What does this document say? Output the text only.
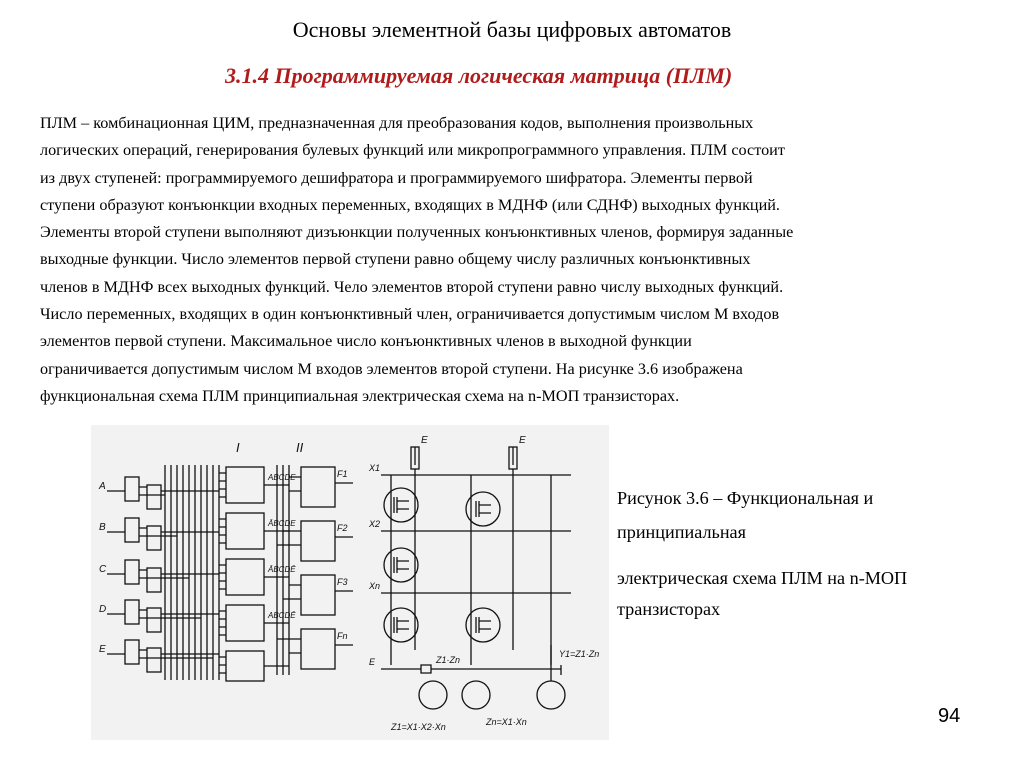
Основы элементной базы цифровых автоматов
3.1.4 Программируемая логическая матрица (ПЛМ)

ПЛМ – комбинационная ЦИМ, предназначенная для преобразования кодов, выполнения произвольных
логических операций, генерирования булевых функций или микропрограммного управления. ПЛМ состоит
из двух ступеней: программируемого дешифратора и программируемого шифратора. Элементы первой
ступени образуют конъюнкции входных переменных, входящих в МДНФ (или СДНФ) выходных функций.
Элементы второй ступени выполняют дизъюнкции полученных конъюнктивных членов, формируя заданные
выходные функции. Число элементов первой ступени равно общему числу различных конъюнктивных
членов в МДНФ всех выходных функций. Чело элементов второй ступени равно числу выходных функций.
Число переменных, входящих в один конъюнктивный член, ограничивается допустимым числом М входов
элементов первой ступени. Максимальное число конъюнктивных членов в выходной функции
ограничивается допустимым числом М входов элементов второй ступени. На рисунке 3.6 изображена
функциональная схема ПЛМ принципиальная электрическая схема на n-МОП транзисторах.

I	II
A
B
C
D
E
ABCDE
ĀBCDE
ĀBCDĒ
ABCDĒ
F1
F2
F3
Fn
E	E
X1
X2
Xn
E	Z1·Zn
Y1=Z1·Zn
Z1=X1·X2·Xn	Zn=X1·Xn
Рисунок 3.6 – Функциональная и
принципиальная
электрическая схема ПЛМ на n-МОП
транзисторах
94
